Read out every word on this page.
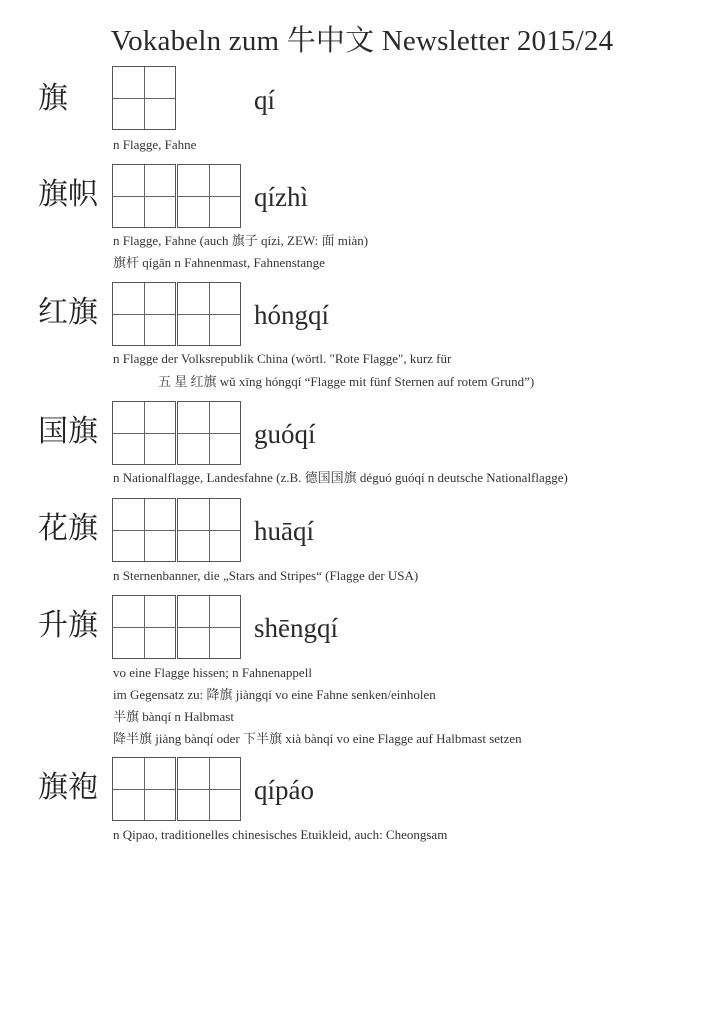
Vokabeln zum 牛中文 Newsletter 2015/24
旗	qí
n Flagge, Fahne
旗帜	qízhì
n Flagge, Fahne (auch 旗子 qízi, ZEW: 面 miàn)
旗杆 qígān n Fahnenmast, Fahnenstange
红旗	hóngqí
n Flagge der Volksrepublik China (wörtl. "Rote Flagge", kurz für
五 星 红旗 wǔ xīng hóngqí “Flagge mit fünf Sternen auf rotem Grund”)
国旗	guóqí
n Nationalflagge, Landesfahne (z.B. 德国国旗 déguó guóqí n deutsche Nationalflagge)
花旗	huāqí
n Sternenbanner, die „Stars and Stripes“ (Flagge der USA)
升旗	shēngqí
vo eine Flagge hissen; n Fahnenappell
im Gegensatz zu: 降旗 jiàngqí vo eine Fahne senken/einholen
半旗 bànqí n Halbmast
降半旗 jiàng bànqí oder 下半旗 xià bànqí vo eine Flagge auf Halbmast setzen
旗袍	qípáo
n Qipao, traditionelles chinesisches Etuikleid, auch: Cheongsam
